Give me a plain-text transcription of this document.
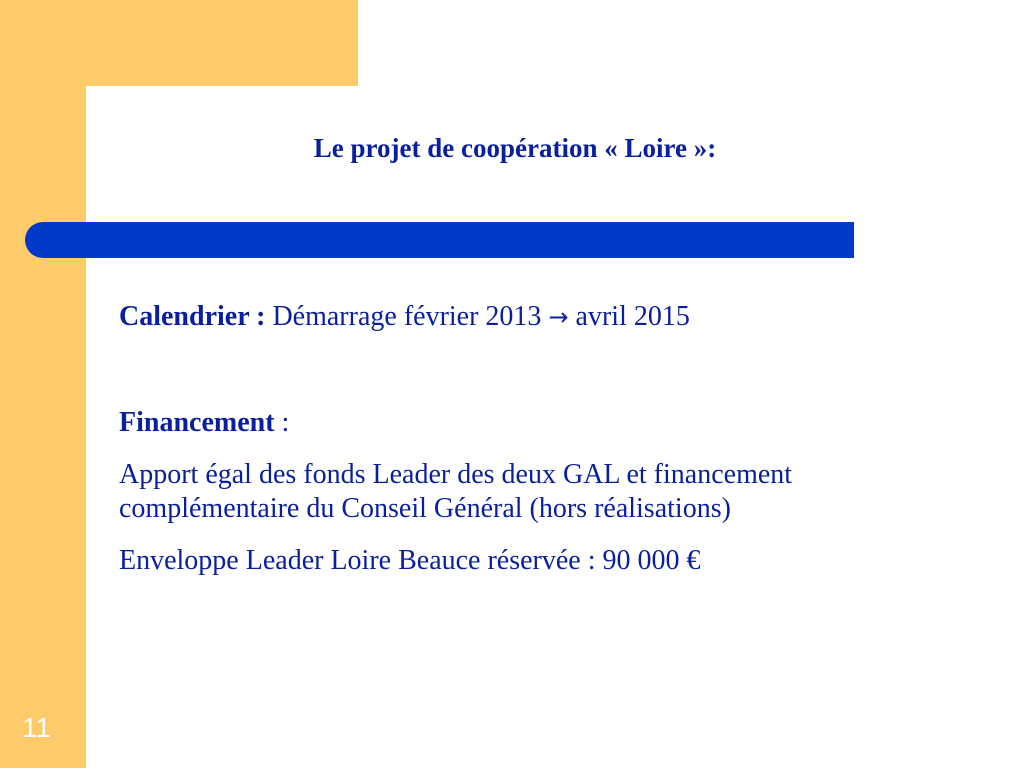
Le projet de coopération « Loire »:

Calendrier : Démarrage février 2013 → avril 2015

Financement :

Apport égal des fonds Leader des deux GAL et financement complémentaire du Conseil Général (hors réalisations)

Enveloppe Leader Loire Beauce réservée : 90 000 €

11
